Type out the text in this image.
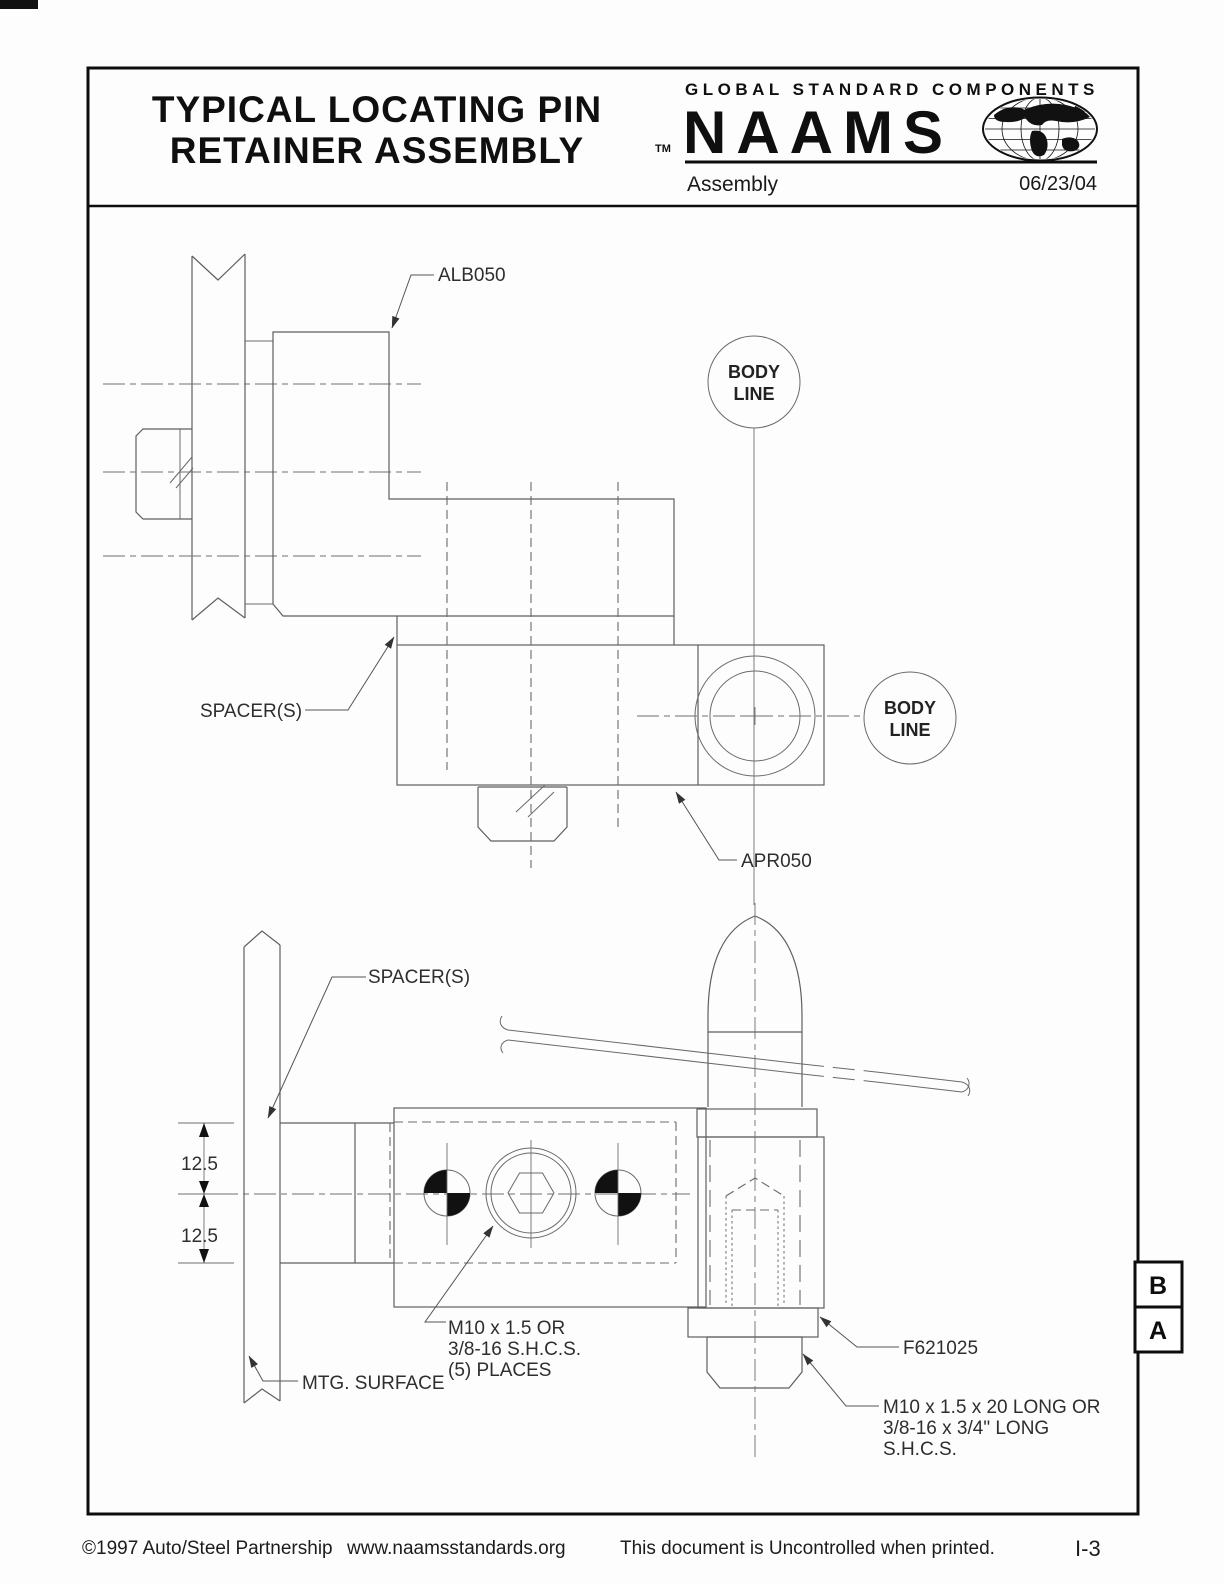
TYPICAL LOCATING PIN
RETAINER ASSEMBLY
GLOBAL STANDARD COMPONENTS
TM NAAMS
Assembly	06/23/04
BODY
LINE
BODY
LINE
ALB050
SPACER(S)
APR050
12.5
12.5
SPACER(S)
M10 x 1.5 OR
3/8-16 S.H.C.S.
(5) PLACES
MTG. SURFACE
F621025
M10 x 1.5 x 20 LONG OR
3/8-16 x 3/4" LONG
S.H.C.S.
B
A
©1997 Auto/Steel Partnership www.naamsstandards.org	This document is Uncontrolled when printed.	I-3
